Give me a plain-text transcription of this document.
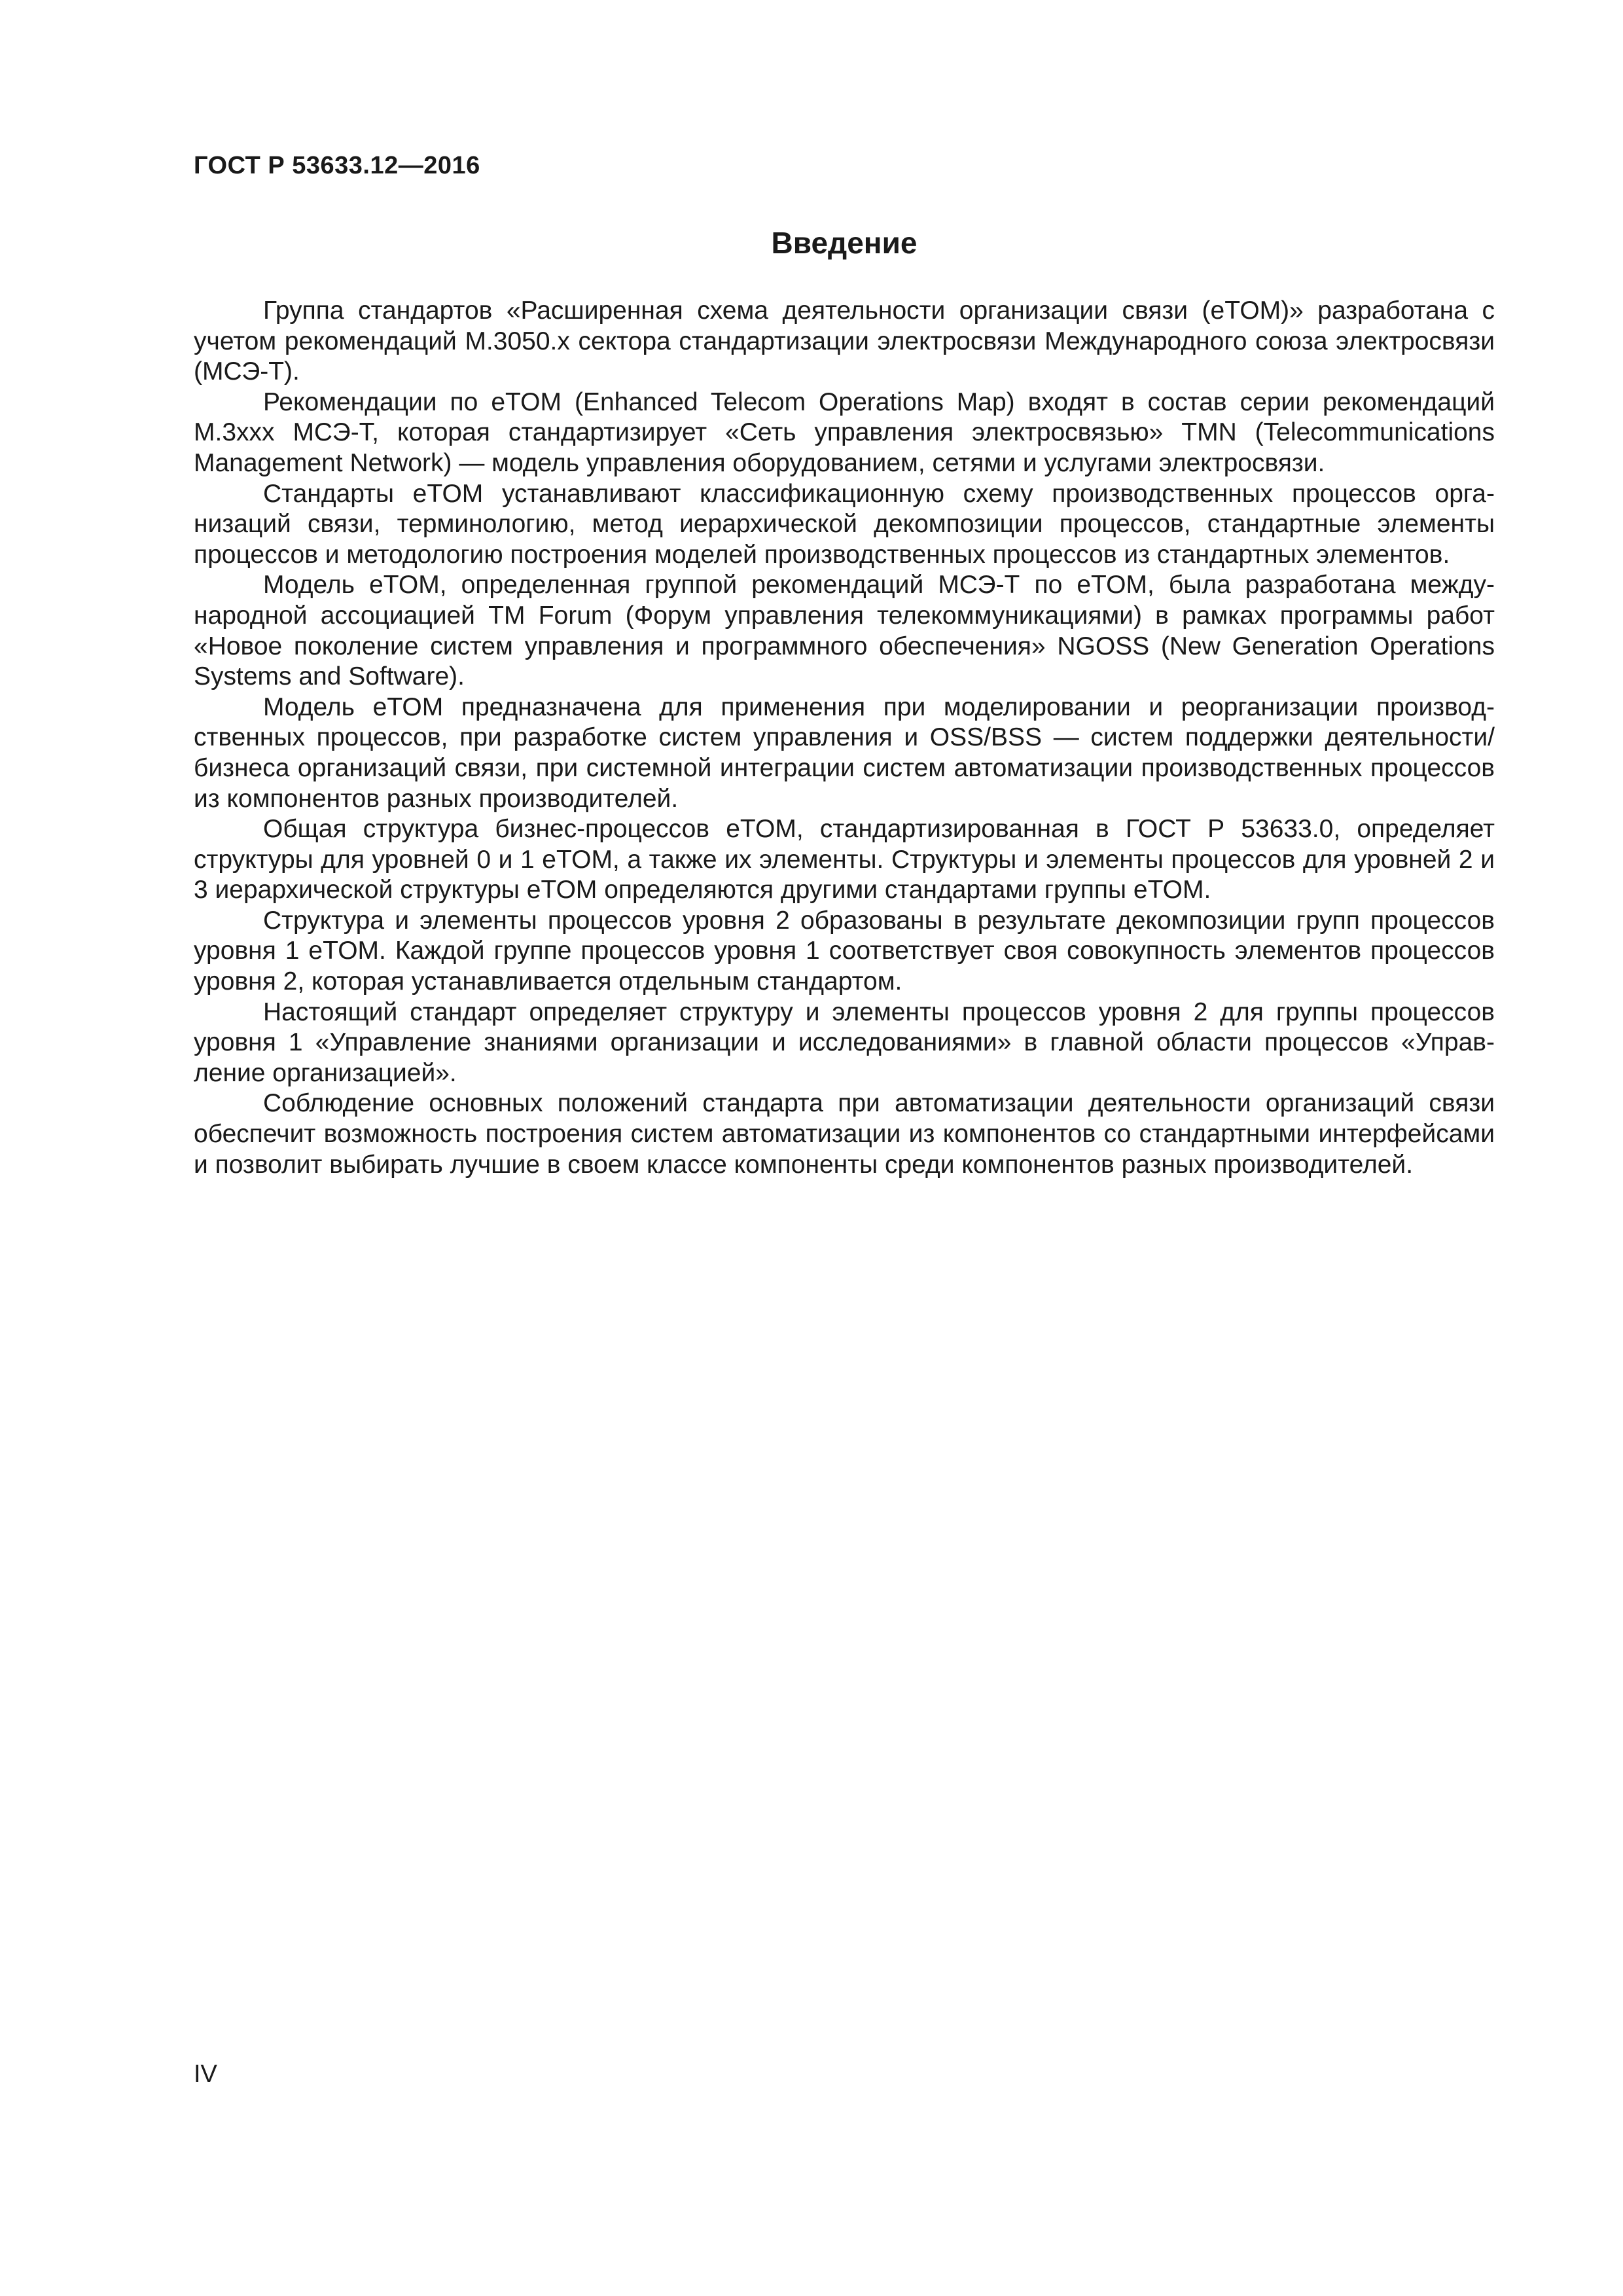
ГОСТ Р 53633.12—2016
Введение

Группа стандартов «Расширенная схема деятельности организации связи (eTOM)» разработана с учетом рекомендаций M.3050.x сектора стандартизации электросвязи Международного союза электросвязи (МСЭ-Т).

Рекомендации по eTOM (Enhanced Telecom Operations Map) входят в состав серии рекомендаций M.3xxx МСЭ-Т, которая стандартизирует «Сеть управления электросвязью» TMN (Telecommunications Management Network) — модель управления оборудованием, сетями и услугами электросвязи.

Стандарты eTOM устанавливают классификационную схему производственных процессов организаций связи, терминологию, метод иерархической декомпозиции процессов, стандартные элементы процессов и методологию построения моделей производственных процессов из стандартных элементов.

Модель eTOM, определенная группой рекомендаций МСЭ-Т по eTOM, была разработана международной ассоциацией TM Forum (Форум управления телекоммуникациями) в рамках программы работ «Новое поколение систем управления и программного обеспечения» NGOSS (New Generation Operations Systems and Software).

Модель eTOM предназначена для применения при моделировании и реорганизации производственных процессов, при разработке систем управления и OSS/BSS — систем поддержки деятельности/бизнеса организаций связи, при системной интеграции систем автоматизации производственных процессов из компонентов разных производителей.

Общая структура бизнес-процессов eTOM, стандартизированная в ГОСТ Р 53633.0, определяет структуры для уровней 0 и 1 eTOM, а также их элементы. Структуры и элементы процессов для уровней 2 и 3 иерархической структуры eTOM определяются другими стандартами группы eTOM.

Структура и элементы процессов уровня 2 образованы в результате декомпозиции групп процессов уровня 1 eTOM. Каждой группе процессов уровня 1 соответствует своя совокупность элементов процессов уровня 2, которая устанавливается отдельным стандартом.

Настоящий стандарт определяет структуру и элементы процессов уровня 2 для группы процессов уровня 1 «Управление знаниями организации и исследованиями» в главной области процессов «Управление организацией».

Соблюдение основных положений стандарта при автоматизации деятельности организаций связи обеспечит возможность построения систем автоматизации из компонентов со стандартными интерфейсами и позволит выбирать лучшие в своем классе компоненты среди компонентов разных производителей.

IV
